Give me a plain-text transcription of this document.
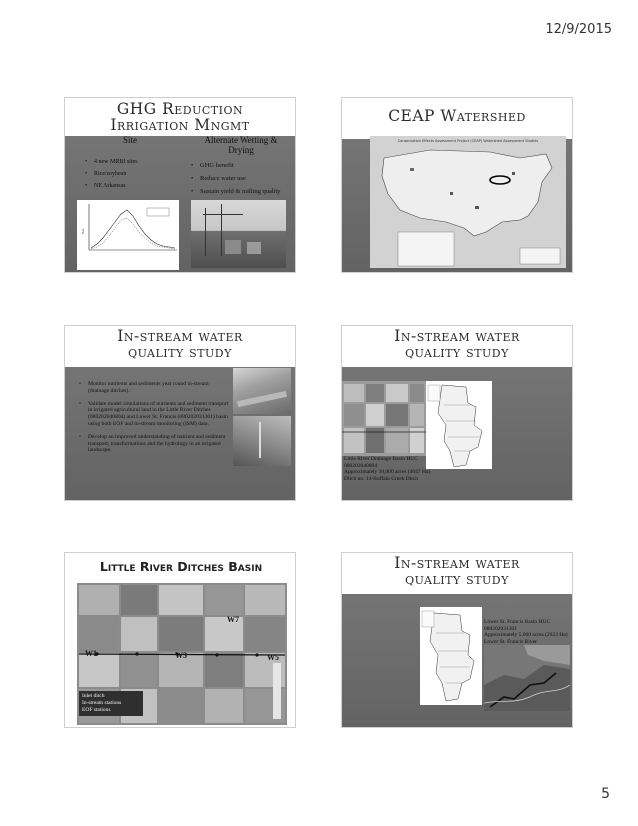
12/9/2015
GHG Reduction
Irrigation Mngmt
Site	Alternate Wetting & Drying
• 4 new MRBI sites
• Rice/soybean
• NE Arkansas
• GHG benefit
• Reduce water use
• Sustain yield & milling quality
flux
CEAP Watershed
Conservation Effects Assessment Project (CEAP) Watershed Assessment Studies
In-stream water
quality study
• Monitor nutrients and sediments year round in-stream (drainage ditches).
• Validate model simulations of nutrients and sediment transport in irrigated agricultural land in the Little River Ditches (080202040804) and Lower St. Francis (080202031301) basin using both EOF and in-stream monitoring (ISM) data.
• Develop an improved understanding of nutrient and sediment transport, transformations and the hydrology in an irrigated landscape.
In-stream water
quality study
Little River Drainage Basin HUC
080202040804
Approximately 10,000 acres (4047 Ha)
Ditch no. 14-Buffalo Creek Ditch
Little River Ditches Basin
W7
W1	W3	W5
Inlet ditch
In-stream stations
EOF stations
In-stream water
quality study
Lower St. Francis Basin HUC
080202031301
Approximately 5,000 acres (2023 Ha)
Lower St. Francis River
5
